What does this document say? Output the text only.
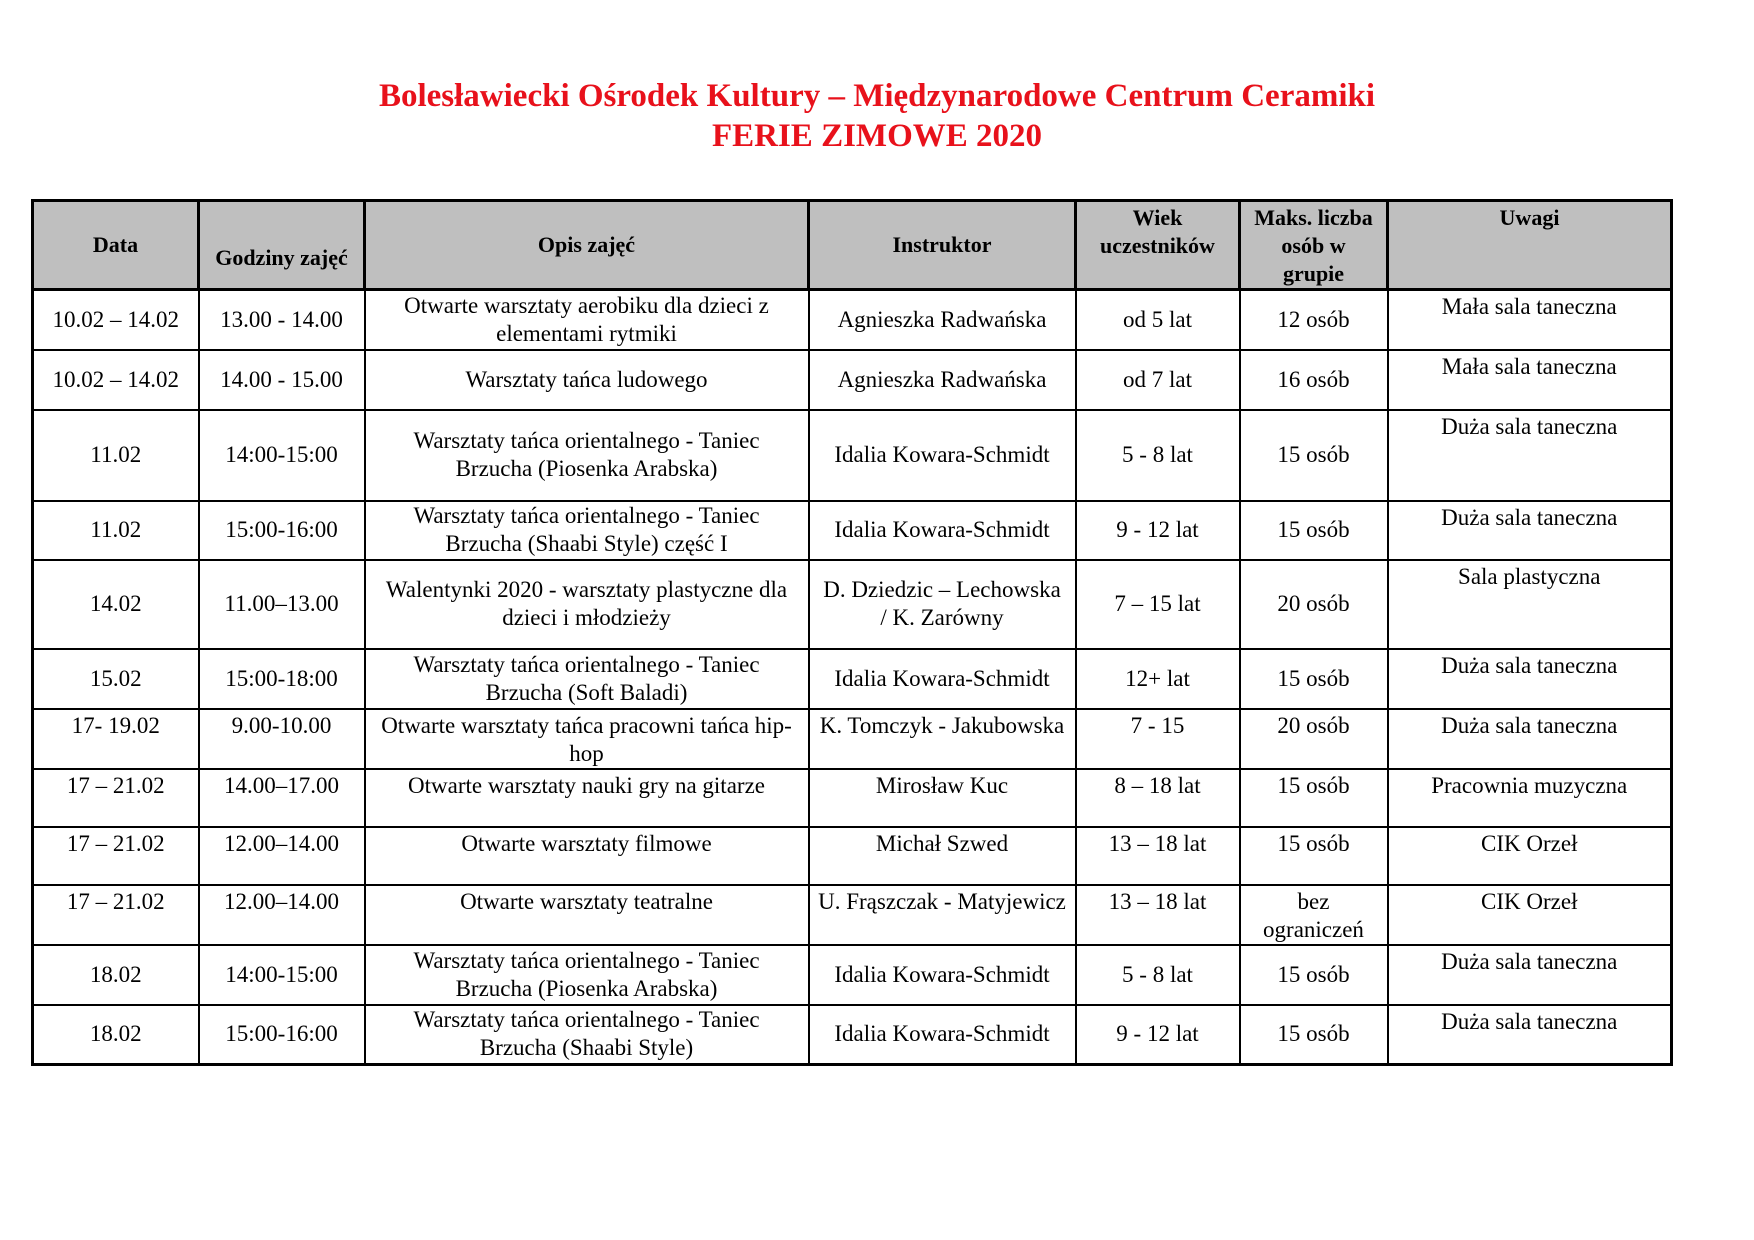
Bolesławiecki Ośrodek Kultury – Międzynarodowe Centrum Ceramiki
FERIE ZIMOWE 2020
Data	Godziny zajęć	Opis zajęć	Instruktor	Wiek uczestników	Maks. liczba osób w grupie	Uwagi
10.02 – 14.02	13.00 - 14.00	Otwarte warsztaty aerobiku dla dzieci z elementami rytmiki	Agnieszka Radwańska	od 5 lat	12 osób	Mała sala taneczna
10.02 – 14.02	14.00 - 15.00	Warsztaty tańca ludowego	Agnieszka Radwańska	od 7 lat	16 osób	Mała sala taneczna
11.02	14:00-15:00	Warsztaty tańca orientalnego - Taniec Brzucha (Piosenka Arabska)	Idalia Kowara-Schmidt	5 - 8 lat	15 osób	Duża sala taneczna
11.02	15:00-16:00	Warsztaty tańca orientalnego - Taniec Brzucha (Shaabi Style) część I	Idalia Kowara-Schmidt	9 - 12 lat	15 osób	Duża sala taneczna
14.02	11.00–13.00	Walentynki 2020 - warsztaty plastyczne dla dzieci i młodzieży	D. Dziedzic – Lechowska / K. Zarówny	7 – 15 lat	20 osób	Sala plastyczna
15.02	15:00-18:00	Warsztaty tańca orientalnego - Taniec Brzucha (Soft Baladi)	Idalia Kowara-Schmidt	12+ lat	15 osób	Duża sala taneczna
17- 19.02	9.00-10.00	Otwarte warsztaty tańca pracowni tańca hip-hop	K. Tomczyk - Jakubowska	7 - 15	20 osób	Duża sala taneczna
17 – 21.02	14.00–17.00	Otwarte warsztaty nauki gry na gitarze	Mirosław Kuc	8 – 18 lat	15 osób	Pracownia muzyczna
17 – 21.02	12.00–14.00	Otwarte warsztaty filmowe	Michał Szwed	13 – 18 lat	15 osób	CIK Orzeł
17 – 21.02	12.00–14.00	Otwarte warsztaty teatralne	U. Frąszczak - Matyjewicz	13 – 18 lat	bez ograniczeń	CIK Orzeł
18.02	14:00-15:00	Warsztaty tańca orientalnego - Taniec Brzucha (Piosenka Arabska)	Idalia Kowara-Schmidt	5 - 8 lat	15 osób	Duża sala taneczna
18.02	15:00-16:00	Warsztaty tańca orientalnego - Taniec Brzucha (Shaabi Style)	Idalia Kowara-Schmidt	9 - 12 lat	15 osób	Duża sala taneczna
